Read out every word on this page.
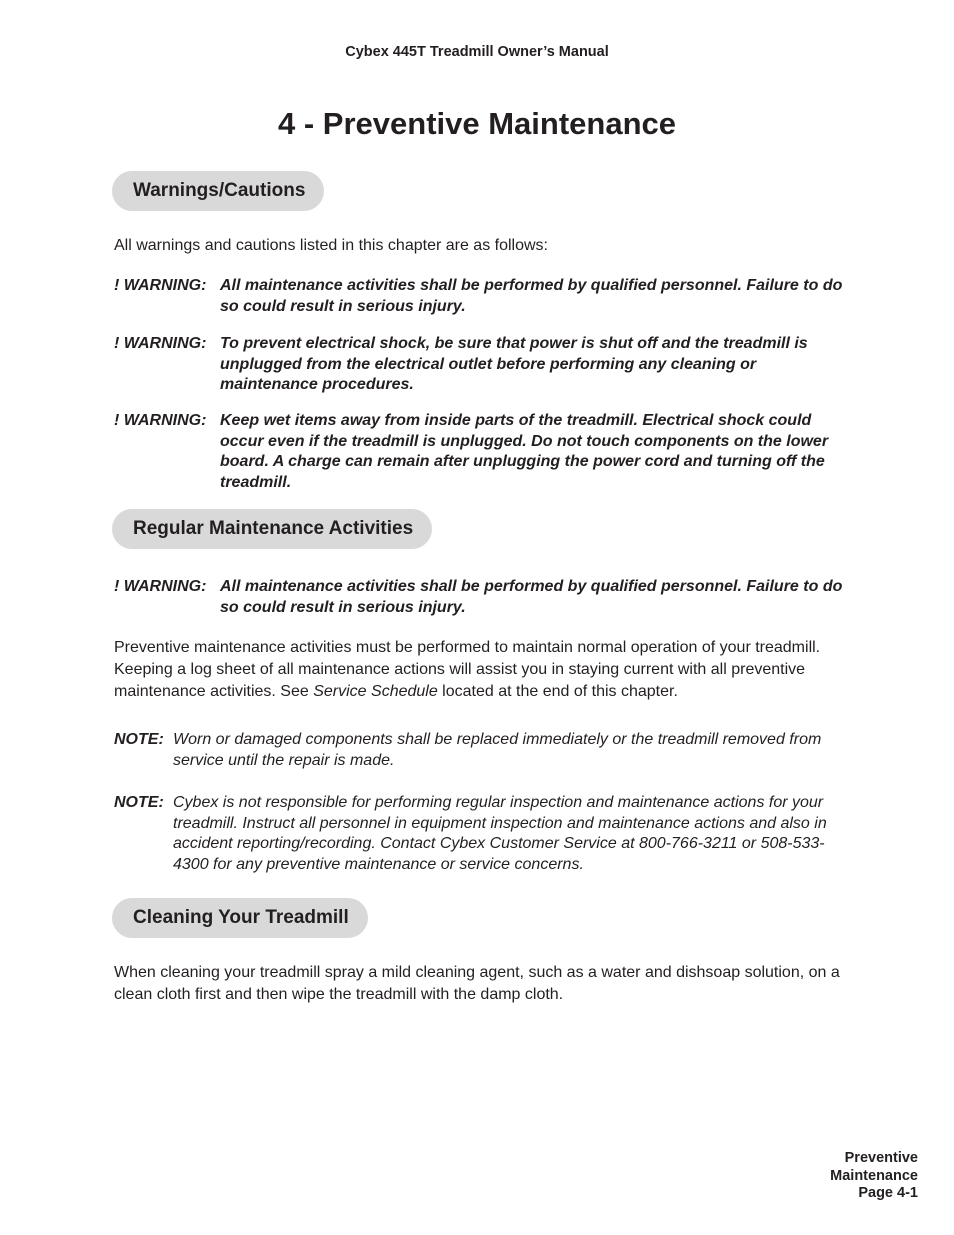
Cybex 445T Treadmill Owner’s Manual
4 - Preventive Maintenance
Warnings/Cautions
All warnings and cautions listed in this chapter are as follows:
! WARNING: All maintenance activities shall be performed by qualified personnel. Failure to do so could result in serious injury.
! WARNING: To prevent electrical shock, be sure that power is shut off and the treadmill is unplugged from the electrical outlet before performing any cleaning or maintenance procedures.
! WARNING: Keep wet items away from inside parts of the treadmill. Electrical shock could occur even if the treadmill is unplugged. Do not touch components on the lower board. A charge can remain after unplugging the power cord and turning off the treadmill.
Regular Maintenance Activities
! WARNING: All maintenance activities shall be performed by qualified personnel. Failure to do so could result in serious injury.
Preventive maintenance activities must be performed to maintain normal operation of your treadmill. Keeping a log sheet of all maintenance actions will assist you in staying current with all preventive maintenance activities. See Service Schedule located at the end of this chapter.
NOTE: Worn or damaged components shall be replaced immediately or the treadmill removed from service until the repair is made.
NOTE: Cybex is not responsible for performing regular inspection and maintenance actions for your treadmill. Instruct all personnel in equipment inspection and maintenance actions and also in accident reporting/recording. Contact Cybex Customer Service at 800-766-3211 or 508-533-4300 for any preventive maintenance or service concerns.
Cleaning Your Treadmill
When cleaning your treadmill spray a mild cleaning agent, such as a water and dishsoap solution, on a clean cloth first and then wipe the treadmill with the damp cloth.
Preventive
Maintenance
Page 4-1
